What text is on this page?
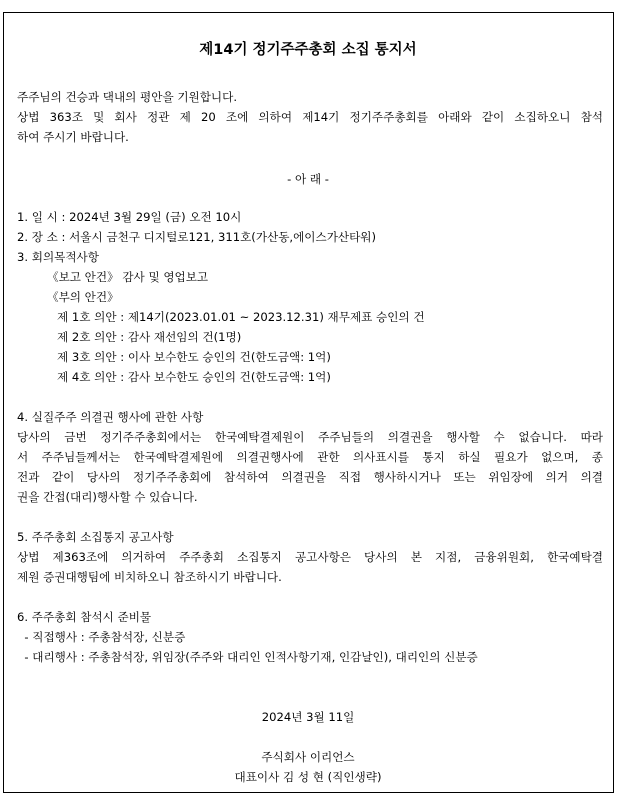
제14기 정기주주총회 소집 통지서
주주님의 건승과 댁내의 평안을 기원합니다.
상법 363조 및 회사 정관 제 20 조에 의하여 제14기 정기주주총회를 아래와 같이 소집하오니 참석
하여 주시기 바랍니다.
- 아 래 -
1. 일 시 : 2024년 3월 29일 (금) 오전 10시
2. 장 소 : 서울시 금천구 디지털로121, 311호(가산동,에이스가산타워)
3. 회의목적사항
《보고 안건》 감사 및 영업보고
《부의 안건》
제 1호 의안 : 제14기(2023.01.01 ~ 2023.12.31) 재무제표 승인의 건
제 2호 의안 : 감사 재선임의 건(1명)
제 3호 의안 : 이사 보수한도 승인의 건(한도금액: 1억)
제 4호 의안 : 감사 보수한도 승인의 건(한도금액: 1억)
4. 실질주주 의결권 행사에 관한 사항
당사의 금번 정기주주총회에서는 한국예탁결제원이 주주님들의 의결권을 행사할 수 없습니다. 따라
서 주주님들께서는 한국예탁결제원에 의결권행사에 관한 의사표시를 통지 하실 필요가 없으며, 종
전과 같이 당사의 정기주주총회에 참석하여 의결권을 직접 행사하시거나 또는 위임장에 의거 의결
권을 간접(대리)행사할 수 있습니다.
5. 주주총회 소집통지 공고사항
상법 제363조에 의거하여 주주총회 소집통지 공고사항은 당사의 본 지점, 금융위원회, 한국예탁결
제원 증권대행팀에 비치하오니 참조하시기 바랍니다.
6. 주주총회 참석시 준비물
- 직접행사 : 주총참석장, 신분증
- 대리행사 : 주총참석장, 위임장(주주와 대리인 인적사항기재, 인감날인), 대리인의 신분증
2024년 3월 11일
주식회사 이리언스
대표이사 김 성 현 (직인생략)
